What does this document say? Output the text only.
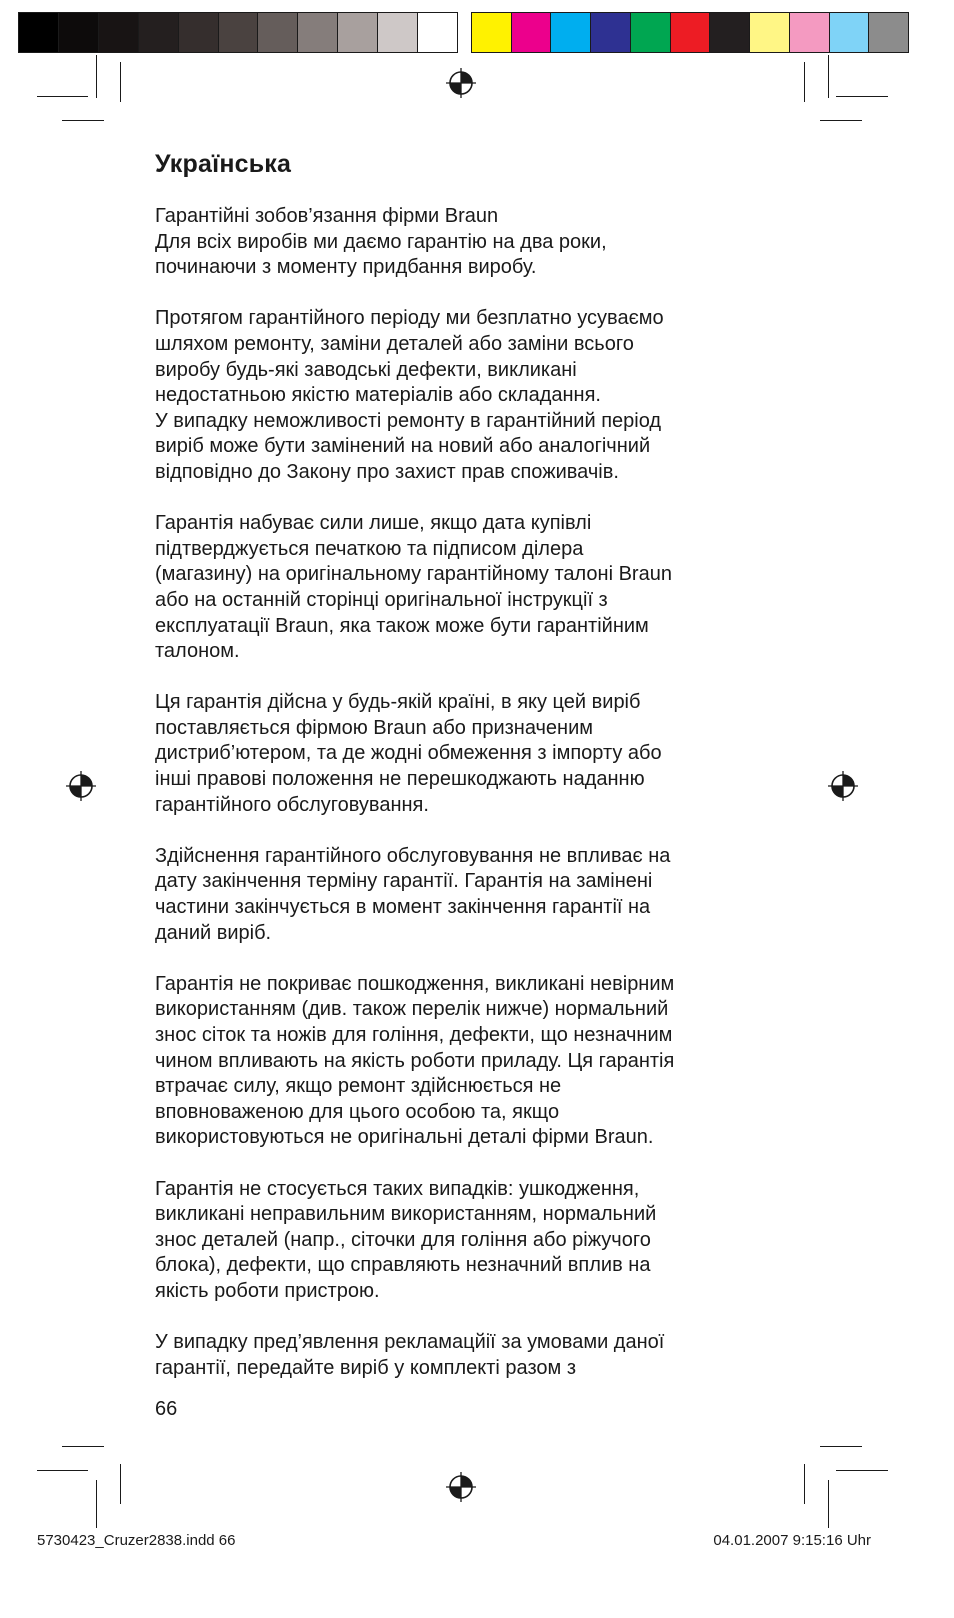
Українська

Гарантійні зобов’язання фірми Braun
Для всіх виробів ми даємо гарантію на два роки,
починаючи з моменту придбання виробу.

Протягом гарантійного періоду ми безплатно усуваємо
шляхом ремонту, заміни деталей або заміни всього
виробу будь-які заводські дефекти, викликані
недостатньою якістю матеріалів або складання.
У випадку неможливості ремонту в гарантійний період
виріб може бути замінений на новий або аналогічний
відповідно до Закону про захист прав споживачів.

Гарантія набуває сили лише, якщо дата купівлі
підтверджується печаткою та підписом ділера
(магазину) на оригінальному гарантійному талоні Braun
або на останній сторінці оригінальної інструкції з
експлуатації Braun, яка також може бути гарантійним
талоном.

Ця гарантія дійсна у будь-якій країні, в яку цей виріб
поставляється фірмою Braun або призначеним
дистриб’ютером, та де жодні обмеження з імпорту або
інші правові положення не перешкоджають наданню
гарантійного обслуговування.

Здійснення гарантійного обслуговування не впливає на
дату закінчення терміну гарантії. Гарантія на замінені
частини закінчується в момент закінчення гарантії на
даний виріб.

Гарантія не покриває пошкодження, викликані невірним
використанням (див. також перелік нижче) нормальний
знос сіток та ножів для гоління, дефекти, що незначним
чином впливають на якість роботи приладу. Ця гарантія
втрачає силу, якщо ремонт здійснюється не
вповноваженою для цього особою та, якщо
використовуються не оригінальні деталі фірми Braun.

Гарантія не стосується таких випадків: ушкодження,
викликані неправильним використанням, нормальний
знос деталей (напр., сіточки для гоління або ріжучого
блока), дефекти, що справляють незначний вплив на
якість роботи пристрою.

У випадку пред’явлення рекламацйії за умовами даної
гарантії, передайте виріб у комплекті разом з

66
5730423_Cruzer2838.indd 66	04.01.2007 9:15:16 Uhr
